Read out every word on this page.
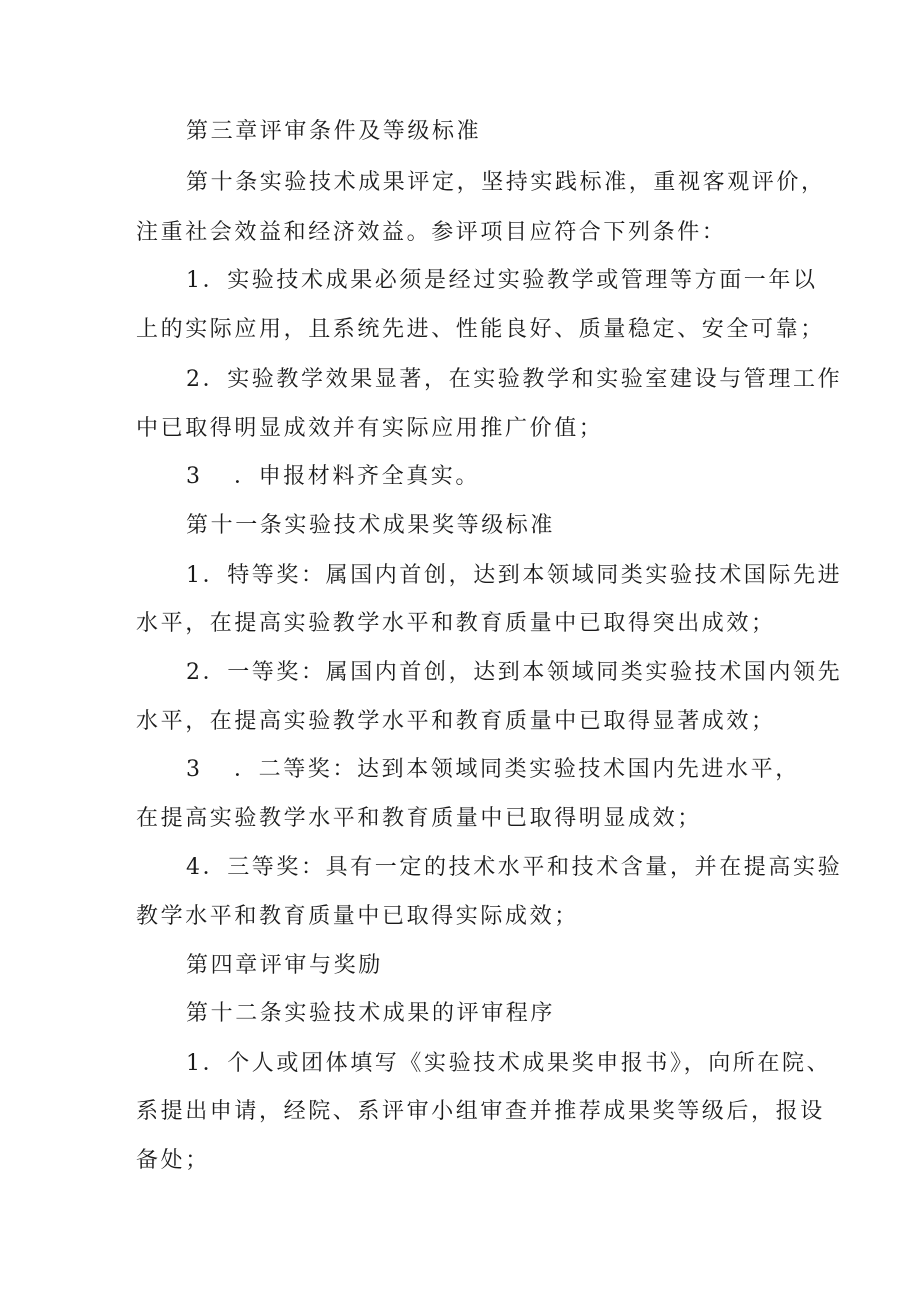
第三章评审条件及等级标准
第十条实验技术成果评定，坚持实践标准，重视客观评价，
注重社会效益和经济效益。参评项目应符合下列条件：
1．实验技术成果必须是经过实验教学或管理等方面一年以
上的实际应用，且系统先进、性能良好、质量稳定、安全可靠；
2．实验教学效果显著，在实验教学和实验室建设与管理工作
中已取得明显成效并有实际应用推广价值；
3 ．申报材料齐全真实。
第十一条实验技术成果奖等级标准
1．特等奖：属国内首创，达到本领域同类实验技术国际先进
水平，在提高实验教学水平和教育质量中已取得突出成效；
2．一等奖：属国内首创，达到本领域同类实验技术国内领先
水平，在提高实验教学水平和教育质量中已取得显著成效；
3 ．二等奖：达到本领域同类实验技术国内先进水平，
在提高实验教学水平和教育质量中已取得明显成效；
4．三等奖：具有一定的技术水平和技术含量，并在提高实验
教学水平和教育质量中已取得实际成效；
第四章评审与奖励
第十二条实验技术成果的评审程序
1．个人或团体填写《实验技术成果奖申报书》，向所在院、
系提出申请，经院、系评审小组审查并推荐成果奖等级后，报设
备处；
